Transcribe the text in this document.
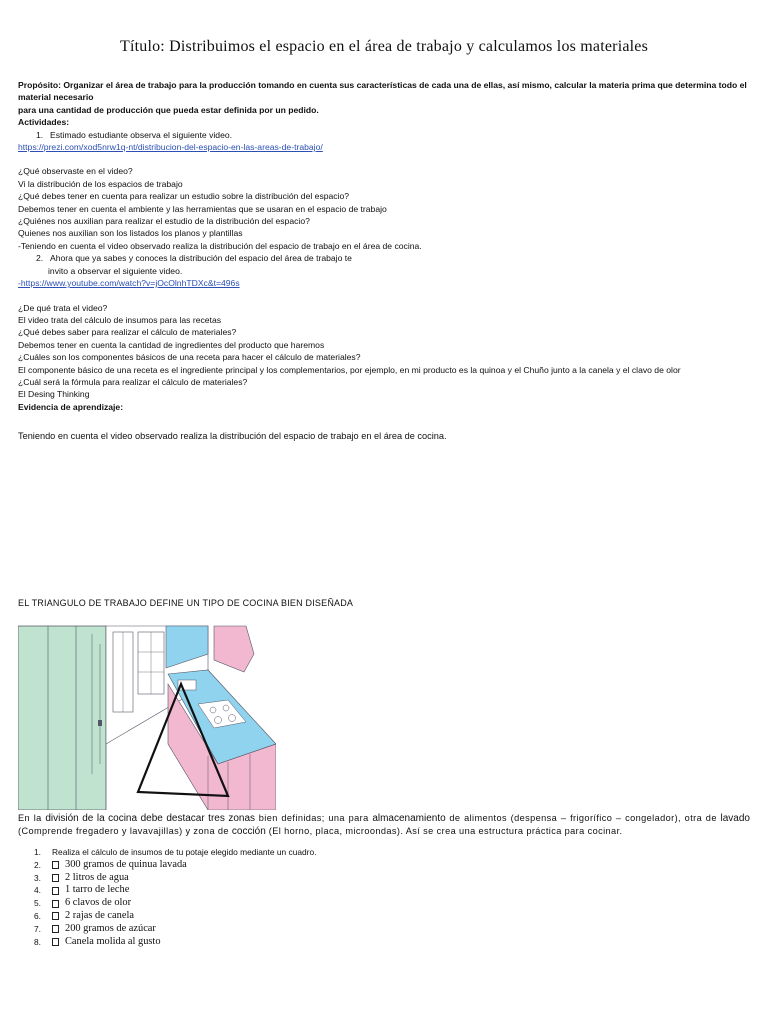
Título: Distribuimos el espacio en el área de trabajo y calculamos los materiales

Propósito: Organizar el área de trabajo para la producción tomando en cuenta sus características de cada una de ellas, así mismo, calcular la materia prima que determina todo el material necesario

para una cantidad de producción que pueda estar definida por un pedido.

Actividades:

1. Estimado estudiante observa el siguiente video.

https://prezi.com/xod5nrw1q-nt/distribucion-del-espacio-en-las-areas-de-trabajo/

¿Qué observaste en el video?

Vi la distribución de los espacios de trabajo

¿Qué debes tener en cuenta para realizar un estudio sobre la distribución del espacio?

Debemos tener en cuenta el ambiente y las herramientas que se usaran en el espacio de trabajo

¿Quiénes nos auxilian para realizar el estudio de la distribución del espacio?

Quienes nos auxilian son los listados los planos y plantillas

-Teniendo en cuenta el video observado realiza la distribución del espacio de trabajo en el área de cocina.

2. Ahora que ya sabes y conoces la distribución del espacio del área de trabajo te

invito a observar el siguiente video.

-https://www.youtube.com/watch?v=jOcOlnhTDXc&t=496s

¿De qué trata el video?

El video trata del cálculo de insumos para las recetas

¿Qué debes saber para realizar el cálculo de materiales?

Debemos tener en cuenta la cantidad de ingredientes del producto que haremos

¿Cuáles son los componentes básicos de una receta para hacer el cálculo de materiales?

El componente básico de una receta es el ingrediente principal y los complementarios, por ejemplo, en mi producto es la quinoa y el Chuño junto a la canela y el clavo de olor

¿Cuál será la fórmula para realizar el cálculo de materiales?

El Desing Thinking

Evidencia de aprendizaje:

Teniendo en cuenta el video observado realiza la distribución del espacio de trabajo en el área de cocina.
EL TRIANGULO DE TRABAJO DEFINE UN TIPO DE COCINA BIEN DISEÑADA
En la división de la cocina debe destacar tres zonas bien definidas; una para almacenamiento de alimentos (despensa – frigorífico – congelador), otra de lavado (Comprende fregadero y lavavajillas) y zona de cocción (El horno, placa, microondas). Así se crea una estructura práctica para cocinar.
1.	Realiza el cálculo de insumos de tu potaje elegido mediante un cuadro.
2.	300 gramos de quinua lavada
3.	2 litros de agua
4.	1 tarro de leche
5.	6 clavos de olor
6.	2 rajas de canela
7.	200 gramos de azúcar
8.	Canela molida al gusto
